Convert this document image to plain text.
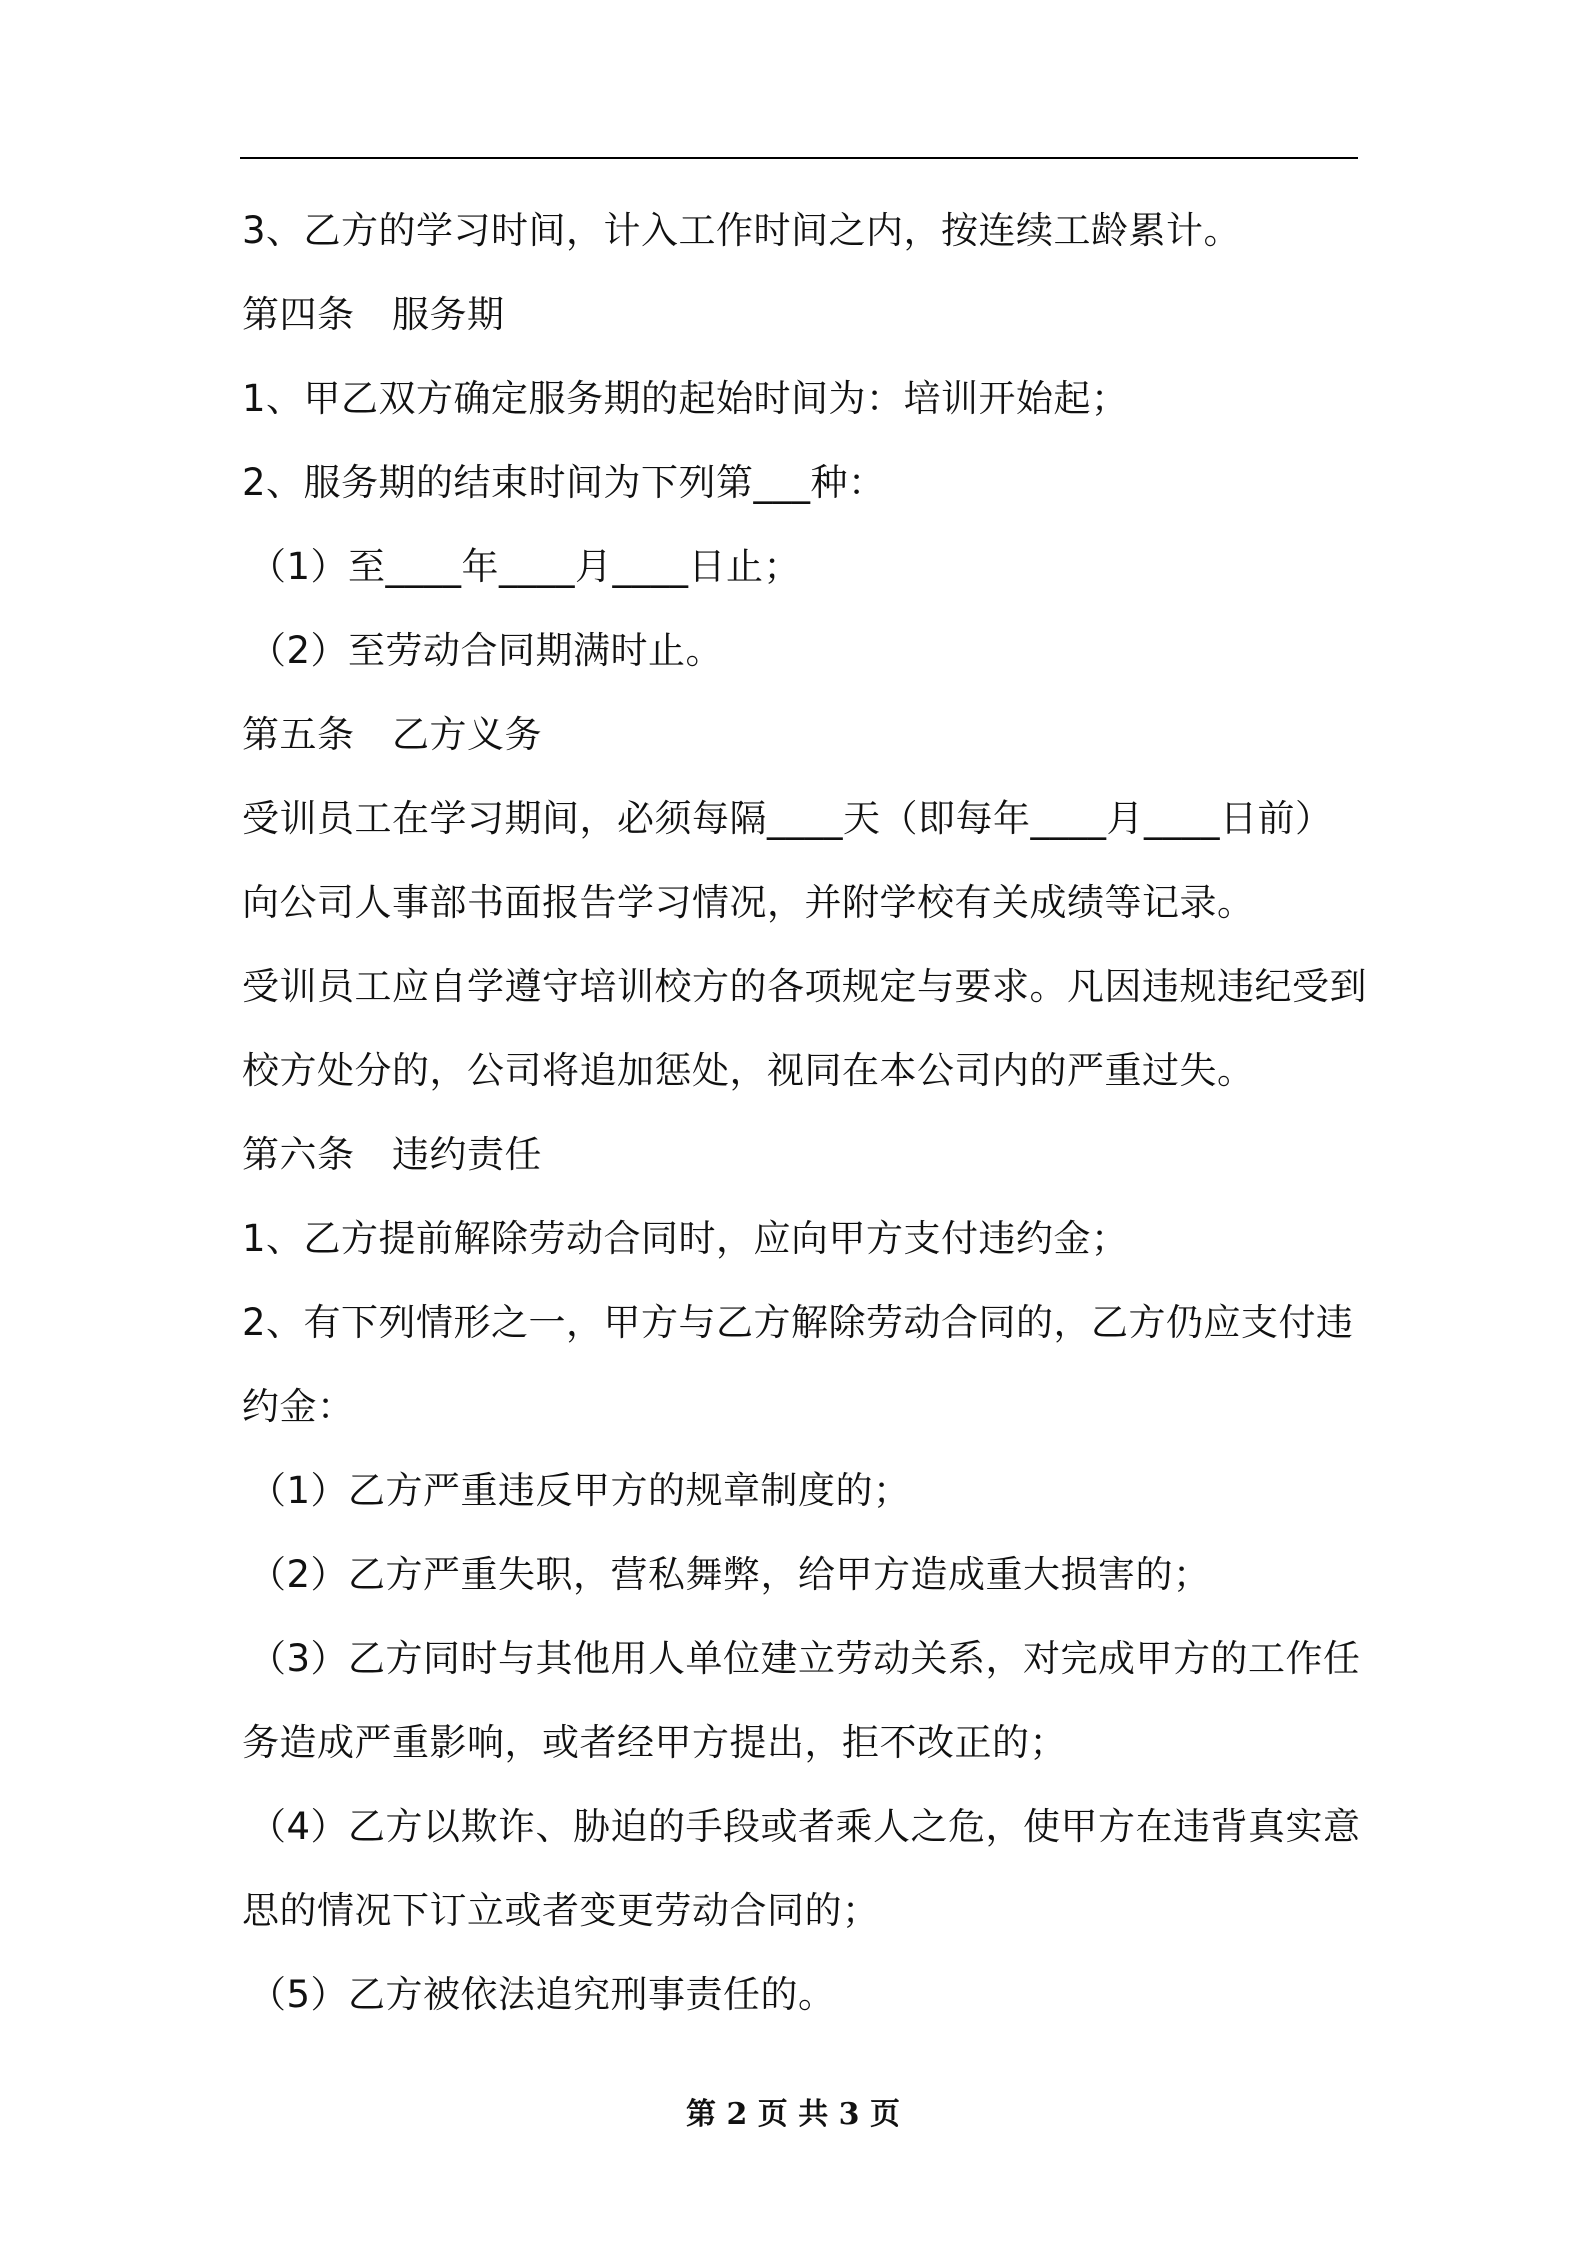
3、乙方的学习时间，计入工作时间之内，按连续工龄累计。
第四条　服务期
1、甲乙双方确定服务期的起始时间为：培训开始起；
2、服务期的结束时间为下列第___种：
（1）至____年____月____日止；
（2）至劳动合同期满时止。
第五条　乙方义务
受训员工在学习期间，必须每隔____天（即每年____月____日前）
向公司人事部书面报告学习情况，并附学校有关成绩等记录。
受训员工应自学遵守培训校方的各项规定与要求。凡因违规违纪受到
校方处分的，公司将追加惩处，视同在本公司内的严重过失。
第六条　违约责任
1、乙方提前解除劳动合同时，应向甲方支付违约金；
2、有下列情形之一，甲方与乙方解除劳动合同的，乙方仍应支付违
约金：
（1）乙方严重违反甲方的规章制度的；
（2）乙方严重失职，营私舞弊，给甲方造成重大损害的；
（3）乙方同时与其他用人单位建立劳动关系，对完成甲方的工作任
务造成严重影响，或者经甲方提出，拒不改正的；
（4）乙方以欺诈、胁迫的手段或者乘人之危，使甲方在违背真实意
思的情况下订立或者变更劳动合同的；
（5）乙方被依法追究刑事责任的。
第 2 页 共 3 页
